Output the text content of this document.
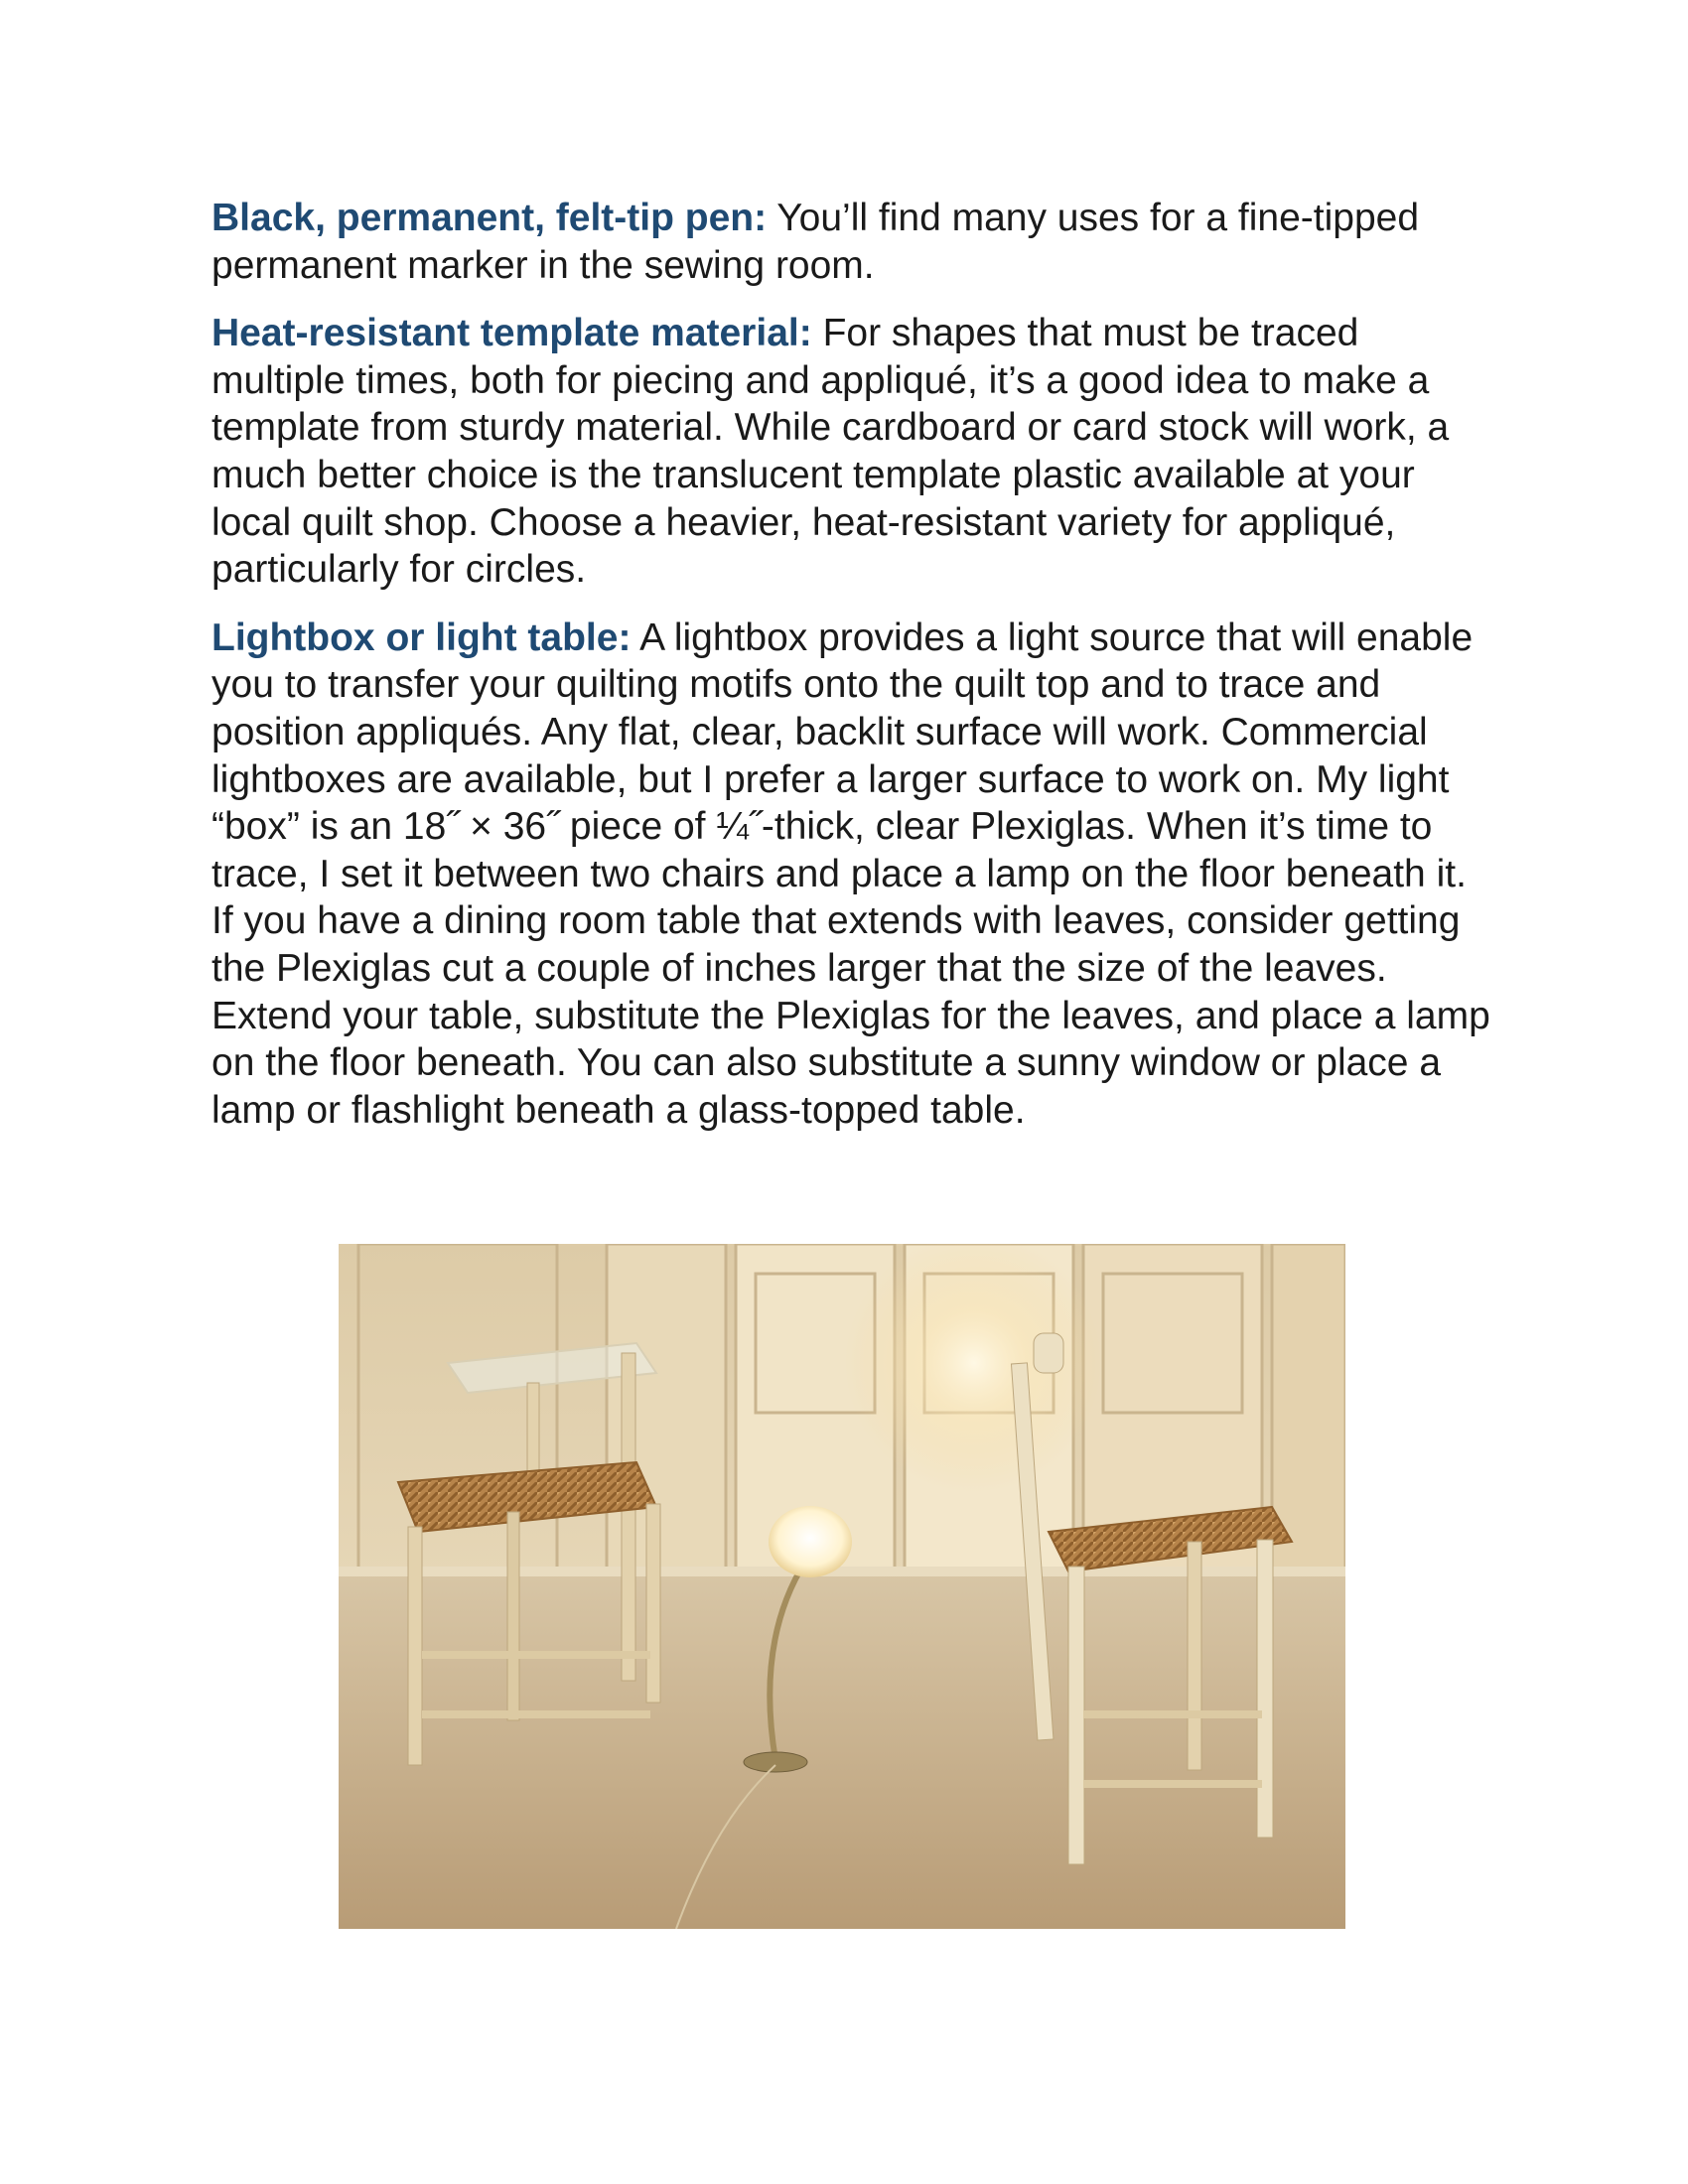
Black, permanent, felt-tip pen: You’ll find many uses for a fine-tipped permanent marker in the sewing room.

Heat-resistant template material: For shapes that must be traced multiple times, both for piecing and appliqué, it’s a good idea to make a template from sturdy material. While cardboard or card stock will work, a much better choice is the translucent template plastic available at your local quilt shop. Choose a heavier, heat-resistant variety for appliqué, particularly for circles.

Lightbox or light table: A lightbox provides a light source that will enable you to transfer your quilting motifs onto the quilt top and to trace and position appliqués. Any flat, clear, backlit surface will work. Commercial lightboxes are available, but I prefer a larger surface to work on. My light “box” is an 18˝ × 36˝ piece of ¼˝-thick, clear Plexiglas. When it’s time to trace, I set it between two chairs and place a lamp on the floor beneath it. If you have a dining room table that extends with leaves, consider getting the Plexiglas cut a couple of inches larger that the size of the leaves. Extend your table, substitute the Plexiglas for the leaves, and place a lamp on the floor beneath. You can also substitute a sunny window or place a lamp or flashlight beneath a glass-topped table.
